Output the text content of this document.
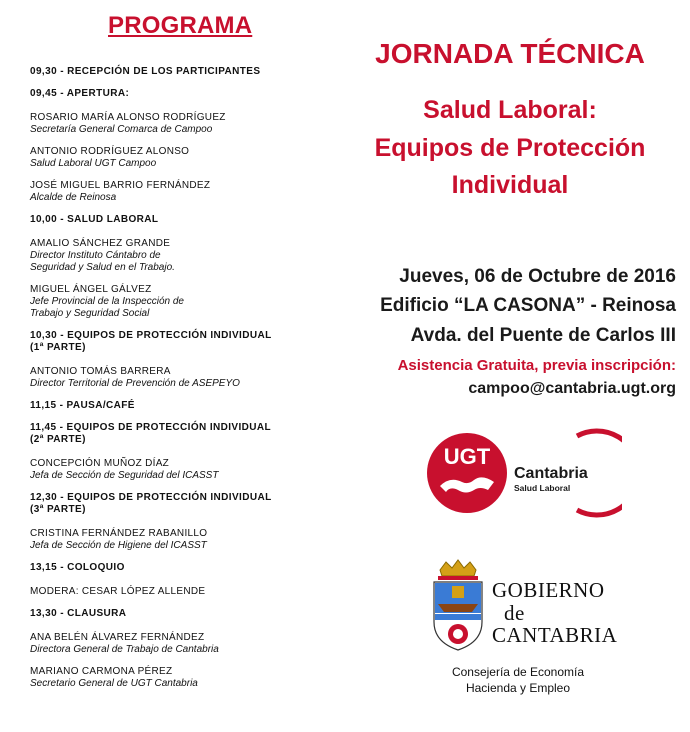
PROGRAMA
09,30 - RECEPCIÓN DE LOS PARTICIPANTES
09,45 - APERTURA:
ROSARIO MARÍA ALONSO RODRÍGUEZ
Secretaría General Comarca de Campoo
ANTONIO RODRÍGUEZ ALONSO
Salud Laboral UGT Campoo
JOSÉ MIGUEL BARRIO FERNÁNDEZ
Alcalde de Reinosa
10,00 - SALUD LABORAL
AMALIO SÁNCHEZ GRANDE
Director Instituto Cántabro de
Seguridad y Salud en el Trabajo.
MIGUEL ÁNGEL GÁLVEZ
Jefe Provincial de la Inspección de
Trabajo y Seguridad Social
10,30 - EQUIPOS DE PROTECCIÓN INDIVIDUAL
(1ª PARTE)
ANTONIO TOMÁS BARRERA
Director Territorial de Prevención de ASEPEYO
11,15 - PAUSA/CAFÉ
11,45 - EQUIPOS DE PROTECCIÓN INDIVIDUAL
(2ª PARTE)
CONCEPCIÓN MUÑOZ DÍAZ
Jefa de Sección de Seguridad del ICASST
12,30 - EQUIPOS DE PROTECCIÓN INDIVIDUAL
(3ª PARTE)
CRISTINA FERNÁNDEZ RABANILLO
Jefa de Sección de Higiene del ICASST
13,15 - COLOQUIO
MODERA: CESAR LÓPEZ ALLENDE
13,30 - CLAUSURA
ANA BELÉN ÁLVAREZ FERNÁNDEZ
Directora General de Trabajo de Cantabria
MARIANO CARMONA PÉREZ
Secretario General de UGT Cantabria
JORNADA TÉCNICA
Salud Laboral:
Equipos de Protección
Individual
Jueves, 06 de Octubre de 2016
Edificio “LA CASONA” - Reinosa
Avda. del Puente de Carlos III
Asistencia Gratuita, previa inscripción:
campoo@cantabria.ugt.org
UGT
Cantabria
Salud Laboral
GOBIERNO
de
CANTABRIA
Consejería de Economía
Hacienda y Empleo
